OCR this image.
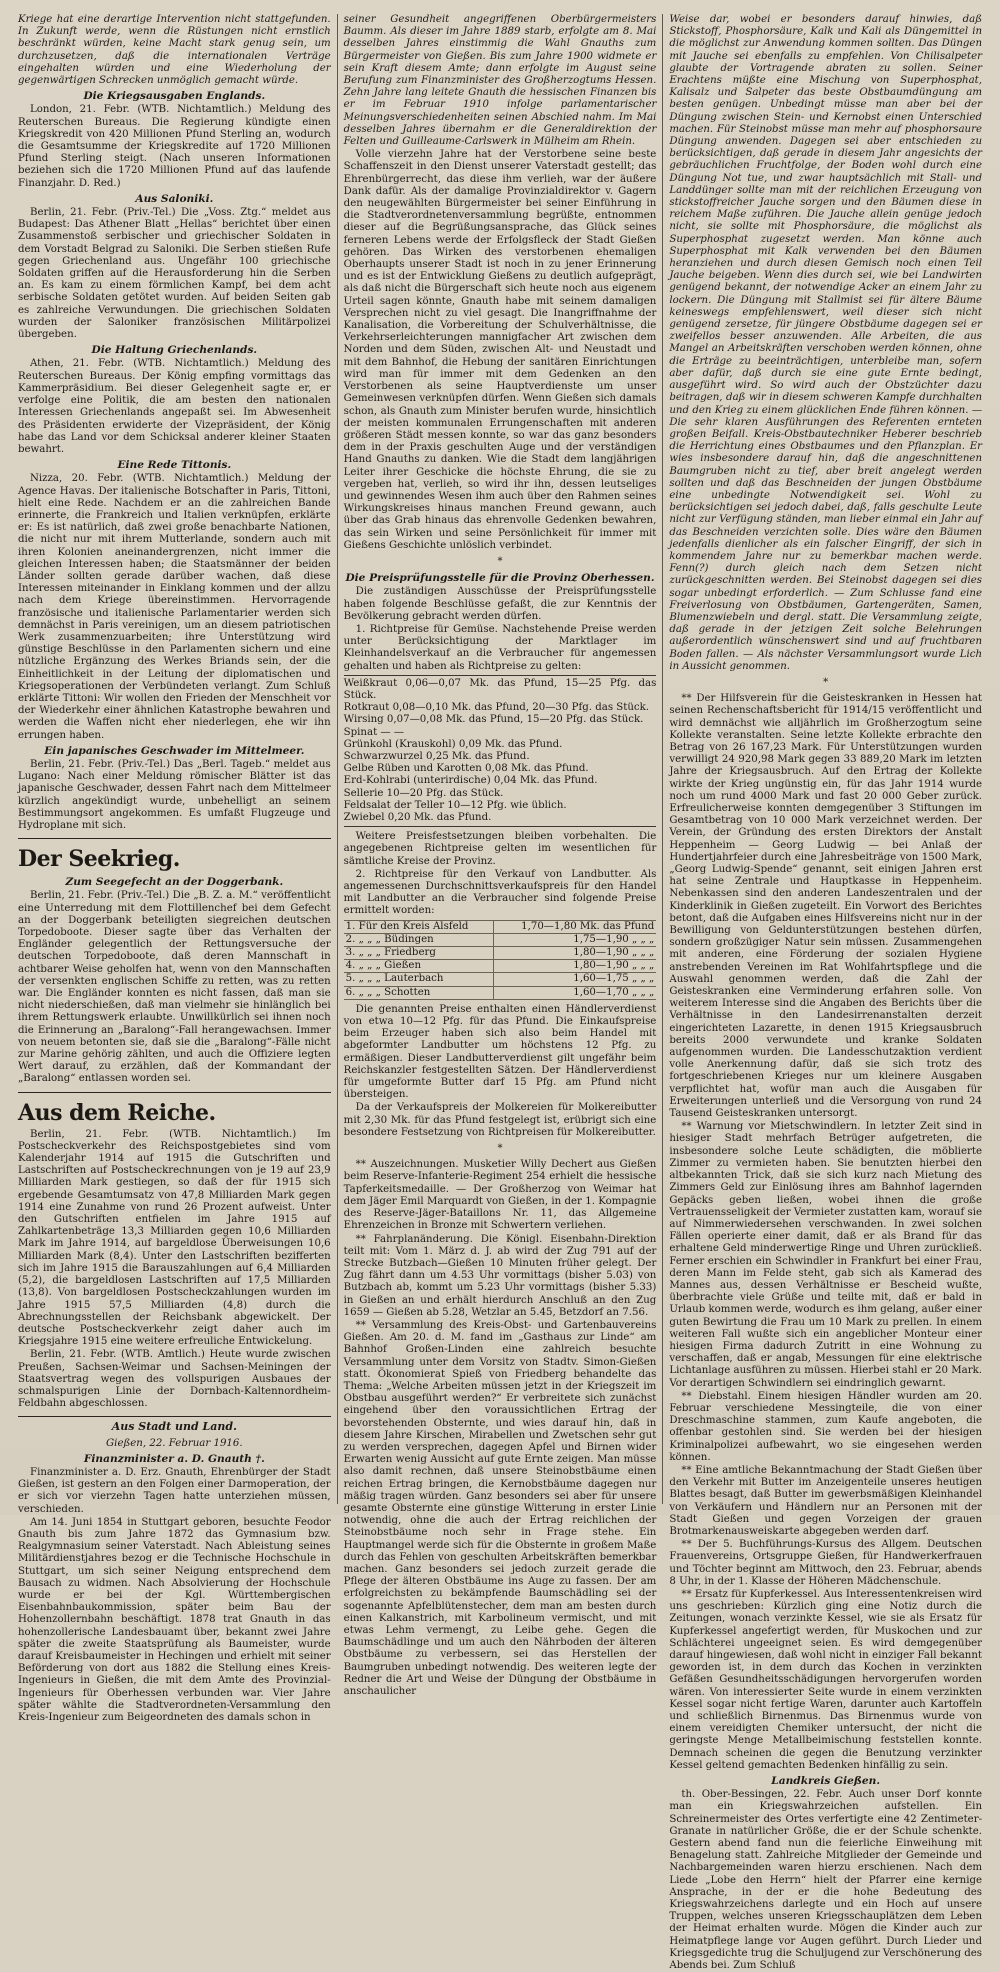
Kriege hat eine derartige Intervention nicht stattgefunden. In Zukunft werde, wenn die Rüstungen nicht ernstlich beschränkt würden, keine Macht stark genug sein, um durchzusetzen, daß die internationalen Verträge eingehalten würden und eine Wiederholung der gegenwärtigen Schrecken unmöglich gemacht würde.

Die Kriegsausgaben Englands.

London, 21. Febr. (WTB. Nichtamtlich.) Meldung des Reuterschen Bureaus. Die Regierung kündigte einen Kriegskredit von 420 Millionen Pfund Sterling an, wodurch die Gesamtsumme der Kriegskredite auf 1720 Millionen Pfund Sterling steigt. (Nach unseren Informationen beziehen sich die 1720 Millionen Pfund auf das laufende Finanzjahr. D. Red.)

Aus Saloniki.

Berlin, 21. Febr. (Priv.-Tel.) Die „Voss. Ztg.“ meldet aus Budapest: Das Athener Blatt „Hellas“ berichtet über einen Zusammenstoß serbischer und griechischer Soldaten in dem Vorstadt Belgrad zu Saloniki. Die Serben stießen Rufe gegen Griechenland aus. Ungefähr 100 griechische Soldaten griffen auf die Herausforderung hin die Serben an. Es kam zu einem förmlichen Kampf, bei dem acht serbische Soldaten getötet wurden. Auf beiden Seiten gab es zahlreiche Verwundungen. Die griechischen Soldaten wurden der Saloniker französischen Militärpolizei übergeben.

Die Haltung Griechenlands.

Athen, 21. Febr. (WTB. Nichtamtlich.) Meldung des Reuterschen Bureaus. Der König empfing vormittags das Kammerpräsidium. Bei dieser Gelegenheit sagte er, er verfolge eine Politik, die am besten den nationalen Interessen Griechenlands angepaßt sei. Im Abwesenheit des Präsidenten erwiderte der Vizepräsident, der König habe das Land vor dem Schicksal anderer kleiner Staaten bewahrt.

Eine Rede Tittonis.

Nizza, 20. Febr. (WTB. Nichtamtlich.) Meldung der Agence Havas. Der italienische Botschafter in Paris, Tittoni, hielt eine Rede. Nachdem er an die zahlreichen Bande erinnerte, die Frankreich und Italien verknüpfen, erklärte er: Es ist natürlich, daß zwei große benachbarte Nationen, die nicht nur mit ihrem Mutterlande, sondern auch mit ihren Kolonien aneinandergrenzen, nicht immer die gleichen Interessen haben; die Staatsmänner der beiden Länder sollten gerade darüber wachen, daß diese Interessen miteinander in Einklang kommen und der allzu nach dem Kriege übereinstimmen. Hervorragende französische und italienische Parlamentarier werden sich demnächst in Paris vereinigen, um an diesem patriotischen Werk zusammenzuarbeiten; ihre Unterstützung wird günstige Beschlüsse in den Parlamenten sichern und eine nützliche Ergänzung des Werkes Briands sein, der die Einheitlichkeit in der Leitung der diplomatischen und Kriegsoperationen der Verbündeten verlangt. Zum Schluß erklärte Tittoni: Wir wollen den Frieden der Menschheit vor der Wiederkehr einer ähnlichen Katastrophe bewahren und werden die Waffen nicht eher niederlegen, ehe wir ihn errungen haben.

Ein japanisches Geschwader im Mittelmeer.

Berlin, 21. Febr. (Priv.-Tel.) Das „Berl. Tageb.“ meldet aus Lugano: Nach einer Meldung römischer Blätter ist das japanische Geschwader, dessen Fahrt nach dem Mittelmeer kürzlich angekündigt wurde, unbehelligt an seinem Bestimmungsort angekommen. Es umfaßt Flugzeuge und Hydroplane mit sich.

Der Seekrieg.
Zum Seegefecht an der Doggerbank.

Berlin, 21. Febr. (Priv.-Tel.) Die „B. Z. a. M.“ veröffentlicht eine Unterredung mit dem Flottillenchef bei dem Gefecht an der Doggerbank beteiligten siegreichen deutschen Torpedoboote. Dieser sagte über das Verhalten der Engländer gelegentlich der Rettungsversuche der deutschen Torpedoboote, daß deren Mannschaft in achtbarer Weise geholfen hat, wenn von den Mannschaften der versenkten englischen Schiffe zu retten, was zu retten war. Die Engländer konnten es nicht fassen, daß man sie nicht niederschießen, daß man vielmehr sie hinlänglich bei ihrem Rettungswerk erlaubte. Unwillkürlich sei ihnen noch die Erinnerung an „Baralong“-Fall herangewachsen. Immer von neuem betonten sie, daß sie die „Baralong“-Fälle nicht zur Marine gehörig zählten, und auch die Offiziere legten Wert darauf, zu erzählen, daß der Kommandant der „Baralong“ entlassen worden sei.

Aus dem Reiche.

Berlin, 21. Febr. (WTB. Nichtamtlich.) Im Postscheckverkehr des Reichspostgebietes sind vom Kalenderjahr 1914 auf 1915 die Gutschriften und Lastschriften auf Postscheckrechnungen von je 19 auf 23,9 Milliarden Mark gestiegen, so daß der für 1915 sich ergebende Gesamtumsatz von 47,8 Milliarden Mark gegen 1914 eine Zunahme von rund 26 Prozent aufweist. Unter den Gutschriften entfielen im Jahre 1915 auf Zahlkartenbeträge 13,3 Milliarden gegen 10,6 Milliarden Mark im Jahre 1914, auf bargeldlose Überweisungen 10,6 Milliarden Mark (8,4). Unter den Lastschriften bezifferten sich im Jahre 1915 die Barauszahlungen auf 6,4 Milliarden (5,2), die bargeldlosen Lastschriften auf 17,5 Milliarden (13,8). Von bargeldlosen Postscheckzahlungen wurden im Jahre 1915 57,5 Milliarden (4,8) durch die Abrechnungsstellen der Reichsbank abgewickelt. Der deutsche Postscheckverkehr zeigt daher auch im Kriegsjahre 1915 eine weitere erfreuliche Entwickelung.

Berlin, 21. Febr. (WTB. Amtlich.) Heute wurde zwischen Preußen, Sachsen-Weimar und Sachsen-Meiningen der Staatsvertrag wegen des vollspurigen Ausbaues der schmalspurigen Linie der Dornbach-Kaltennordheim-Feldbahn abgeschlossen.

Aus Stadt und Land.
Gießen, 22. Februar 1916.
Finanzminister a. D. Gnauth †.

Finanzminister a. D. Erz. Gnauth, Ehrenbürger der Stadt Gießen, ist gestern an den Folgen einer Darmoperation, der er sich vor vierzehn Tagen hatte unterziehen müssen, verschieden.

Am 14. Juni 1854 in Stuttgart geboren, besuchte Feodor Gnauth bis zum Jahre 1872 das Gymnasium bzw. Realgymnasium seiner Vaterstadt. Nach Ableistung seines Militärdienstjahres bezog er die Technische Hochschule in Stuttgart, um sich seiner Neigung entsprechend dem Bausach zu widmen. Nach Absolvierung der Hochschule wurde er bei der Kgl. Württembergischen Eisenbahnbaukommission, später beim Bau der Hohenzollernbahn beschäftigt. 1878 trat Gnauth in das hohenzollerische Landesbauamt über, bekannt zwei Jahre später die zweite Staatsprüfung als Baumeister, wurde darauf Kreisbaumeister in Hechingen und erhielt mit seiner Beförderung von dort aus 1882 die Stellung eines Kreis-Ingenieurs in Gießen, die mit dem Amte des Provinzial-Ingenieurs für Oberhessen verbunden war. Vier Jahre später wählte die Stadtverordneten-Versammlung den Kreis-Ingenieur zum Beigeordneten des damals schon in

seiner Gesundheit angegriffenen Oberbürgermeisters Baumm. Als dieser im Jahre 1889 starb, erfolgte am 8. Mai desselben Jahres einstimmig die Wahl Gnauths zum Bürgermeister von Gießen. Bis zum Jahre 1900 widmete er sein Kraft diesem Amte; dann erfolgte im August seine Berufung zum Finanzminister des Großherzogtums Hessen. Zehn Jahre lang leitete Gnauth die hessischen Finanzen bis er im Februar 1910 infolge parlamentarischer Meinungsverschiedenheiten seinen Abschied nahm. Im Mai desselben Jahres übernahm er die Generaldirektion der Felten und Guilleaume-Carlswerk in Mülheim am Rhein.

Volle vierzehn Jahre hat der Verstorbene seine beste Schaffenszeit in den Dienst unserer Vaterstadt gestellt; das Ehrenbürgerrecht, das diese ihm verlieh, war der äußere Dank dafür. Als der damalige Provinzialdirektor v. Gagern den neugewählten Bürgermeister bei seiner Einführung in die Stadtverordnetenversammlung begrüßte, entnommen dieser auf die Begrüßungsansprache, das Glück seines ferneren Lebens werde der Erfolgsfleck der Stadt Gießen gehören. Das Wirken des verstorbenen ehemaligen Oberhaupts unserer Stadt ist noch in zu jener Erinnerung und es ist der Entwicklung Gießens zu deutlich aufgeprägt, als daß nicht die Bürgerschaft sich heute noch aus eigenem Urteil sagen könnte, Gnauth habe mit seinem damaligen Versprechen nicht zu viel gesagt. Die Inangriffnahme der Kanalisation, die Vorbereitung der Schulverhältnisse, die Verkehrserleichterungen mannigfacher Art zwischen dem Norden und dem Süden, zwischen Alt- und Neustadt und mit dem Bahnhof, die Hebung der sanitären Einrichtungen wird man für immer mit dem Gedenken an den Verstorbenen als seine Hauptverdienste um unser Gemeinwesen verknüpfen dürfen. Wenn Gießen sich damals schon, als Gnauth zum Minister berufen wurde, hinsichtlich der meisten kommunalen Errungenschaften mit anderen größeren Städt messen konnte, so war das ganz besonders dem in der Praxis geschulten Auge und der verständigen Hand Gnauths zu danken. Wie die Stadt dem langjährigen Leiter ihrer Geschicke die höchste Ehrung, die sie zu vergeben hat, verlieh, so wird ihr ihn, dessen leutseliges und gewinnendes Wesen ihm auch über den Rahmen seines Wirkungskreises hinaus manchen Freund gewann, auch über das Grab hinaus das ehrenvolle Gedenken bewahren, das sein Wirken und seine Persönlichkeit für immer mit Gießens Geschichte unlöslich verbindet.

*
Die Preisprüfungsstelle für die Provinz Oberhessen.

Die zuständigen Ausschüsse der Preisprüfungsstelle haben folgende Beschlüsse gefaßt, die zur Kenntnis der Bevölkerung gebracht werden dürfen.

1. Richtpreise für Gemüse. Nachstehende Preise werden unter Berücksichtigung der Marktlager im Kleinhandelsverkauf an die Verbraucher für angemessen gehalten und haben als Richtpreise zu gelten:

Weißkraut 0,06—0,07 Mk. das Pfund, 15—25 Pfg. das Stück.
Rotkraut 0,08—0,10 Mk. das Pfund, 20—30 Pfg. das Stück.
Wirsing 0,07—0,08 Mk. das Pfund, 15—20 Pfg. das Stück.
Spinat — —
Grünkohl (Krauskohl) 0,09 Mk. das Pfund.
Schwarzwurzel 0,25 Mk. das Pfund.
Gelbe Rüben und Karotten 0,08 Mk. das Pfund.
Erd-Kohlrabi (unterirdische) 0,04 Mk. das Pfund.
Sellerie 10—20 Pfg. das Stück.
Feldsalat der Teller 10—12 Pfg. wie üblich.
Zwiebel 0,20 Mk. das Pfund.

Weitere Preisfestsetzungen bleiben vorbehalten. Die angegebenen Richtpreise gelten im wesentlichen für sämtliche Kreise der Provinz.

2. Richtpreise für den Verkauf von Landbutter. Als angemessenen Durchschnittsverkaufspreis für den Handel mit Landbutter an die Verbraucher sind folgende Preise ermittelt worden:

1. Für den Kreis Alsfeld	1,70—1,80 Mk. das Pfund
2. „ „ „ Büdingen	1,75—1,90 „ „ „
3. „ „ „ Friedberg	1,80—1,90 „ „ „
4. „ „ „ Gießen	1,80—1,90 „ „ „
5. „ „ „ Lauterbach	1,60—1,75 „ „ „
6. „ „ „ Schotten	1,60—1,70 „ „ „

Die genannten Preise enthalten einen Händlerverdienst von etwa 10—12 Pfg. für das Pfund. Die Einkaufspreise beim Erzeuger haben sich also beim Handel mit abgeformter Landbutter um höchstens 12 Pfg. zu ermäßigen. Dieser Landbutterverdienst gilt ungefähr beim Reichskanzler festgestellten Sätzen. Der Händlerverdienst für umgeformte Butter darf 15 Pfg. am Pfund nicht übersteigen.

Da der Verkaufspreis der Molkereien für Molkereibutter mit 2,30 Mk. für das Pfund festgelegt ist, erübrigt sich eine besondere Festsetzung von Richtpreisen für Molkereibutter.

*

** Auszeichnungen. Musketier Willy Dechert aus Gießen beim Reserve-Infanterie-Regiment 254 erhielt die hessische Tapferkeitsmedaille. — Der Großherzog von Weimar hat dem Jäger Emil Marquardt von Gießen, in der 1. Kompagnie des Reserve-Jäger-Bataillons Nr. 11, das Allgemeine Ehrenzeichen in Bronze mit Schwertern verliehen.

** Fahrplanänderung. Die Königl. Eisenbahn-Direktion teilt mit: Vom 1. März d. J. ab wird der Zug 791 auf der Strecke Butzbach—Gießen 10 Minuten früher gelegt. Der Zug fährt dann um 4.53 Uhr vormittags (bisher 5.03) von Butzbach ab, kommt um 5.23 Uhr vormittags (bisher 5.33) in Gießen an und erhält hierdurch Anschluß an den Zug 1659 — Gießen ab 5.28, Wetzlar an 5.45, Betzdorf an 7.56.

** Versammlung des Kreis-Obst- und Gartenbauvereins Gießen. Am 20. d. M. fand im „Gasthaus zur Linde“ am Bahnhof Großen-Linden eine zahlreich besuchte Versammlung unter dem Vorsitz von Stadtv. Simon-Gießen statt. Ökonomierat Spieß von Friedberg behandelte das Thema: „Welche Arbeiten müssen jetzt in der Kriegszeit im Obstbau ausgeführt werden?“ Er verbreitete sich zunächst eingehend über den voraussichtlichen Ertrag der bevorstehenden Obsternte, und wies darauf hin, daß in diesem Jahre Kirschen, Mirabellen und Zwetschen sehr gut zu werden versprechen, dagegen Apfel und Birnen wider Erwarten wenig Aussicht auf gute Ernte zeigen. Man müsse also damit rechnen, daß unsere Steinobstbäume einen reichen Ertrag bringen, die Kernobstbäume dagegen nur mäßig tragen würden. Ganz besonders sei aber für unsere gesamte Obsternte eine günstige Witterung in erster Linie notwendig, ohne die auch der Ertrag reichlichen der Steinobstbäume noch sehr in Frage stehe. Ein Hauptmangel werde sich für die Obsternte in großem Maße durch das Fehlen von geschulten Arbeitskräften bemerkbar machen. Ganz besonders sei jedoch zurzeit gerade die Pflege der älteren Obstbäume ins Auge zu fassen. Der am erfolgreichsten zu bekämpfende Baumschädling sei der sogenannte Apfelblütenstecher, dem man am besten durch einen Kalkanstrich, mit Karbolineum vermischt, und mit etwas Lehm vermengt, zu Leibe gehe. Gegen die Baumschädlinge und um auch den Nährboden der älteren Obstbäume zu verbessern, sei das Herstellen der Baumgruben unbedingt notwendig. Des weiteren legte der Redner die Art und Weise der Düngung der Obstbäume in anschaulicher

Weise dar, wobei er besonders darauf hinwies, daß Stickstoff, Phosphorsäure, Kalk und Kali als Düngemittel in die möglichst zur Anwendung kommen sollten. Das Düngen mit Jauche sei ebenfalls zu empfehlen. Von Chilisalpeter glaubte der Vortragende abraten zu sollen. Seiner Erachtens müßte eine Mischung von Superphosphat, Kalisalz und Salpeter das beste Obstbaumdüngung am besten genügen. Unbedingt müsse man aber bei der Düngung zwischen Stein- und Kernobst einen Unterschied machen. Für Steinobst müsse man mehr auf phosphorsaure Düngung anwenden. Dagegen sei aber entschieden zu berücksichtigen, daß gerade in diesem Jahr angesichts der gebräuchlichen Fruchtfolge, der Boden wohl durch eine Düngung Not tue, und zwar hauptsächlich mit Stall- und Landdünger sollte man mit der reichlichen Erzeugung von stickstoffreicher Jauche sorgen und den Bäumen diese in reichem Maße zuführen. Die Jauche allein genüge jedoch nicht, sie sollte mit Phosphorsäure, die möglichst als Superphosphat zugesetzt werden. Man könne auch Superphosphat mit Kalk verwenden bei den Bäumen heranziehen und durch diesen Gemisch noch einen Teil Jauche beigeben. Wenn dies durch sei, wie bei Landwirten genügend bekannt, der notwendige Acker an einem Jahr zu lockern. Die Düngung mit Stallmist sei für ältere Bäume keineswegs empfehlenswert, weil dieser sich nicht genügend zersetze, für jüngere Obstbäume dagegen sei er zweifellos besser anzuwenden. Alle Arbeiten, die aus Mangel an Arbeitskräften verschoben werden können, ohne die Erträge zu beeinträchtigen, unterbleibe man, sofern aber dafür, daß durch sie eine gute Ernte bedingt, ausgeführt wird. So wird auch der Obstzüchter dazu beitragen, daß wir in diesem schweren Kampfe durchhalten und den Krieg zu einem glücklichen Ende führen können. — Die sehr klaren Ausführungen des Referenten ernteten großen Beifall. Kreis-Obstbautechniker Heberer beschrieb die Herrichtung eines Obstbaumes und den Pflanzplan. Er wies insbesondere darauf hin, daß die angeschnittenen Baumgruben nicht zu tief, aber breit angelegt werden sollten und daß das Beschneiden der jungen Obstbäume eine unbedingte Notwendigkeit sei. Wohl zu berücksichtigen sei jedoch dabei, daß, falls geschulte Leute nicht zur Verfügung ständen, man lieber einmal ein Jahr auf das Beschneiden verzichten solle. Dies wäre den Bäumen jedenfalls dienlicher als ein falscher Eingriff, der sich in kommendem Jahre nur zu bemerkbar machen werde. Fenn(?) durch gleich nach dem Setzen nicht zurückgeschnitten werden. Bei Steinobst dagegen sei dies sogar unbedingt erforderlich. — Zum Schlusse fand eine Freiverlosung von Obstbäumen, Gartengeräten, Samen, Blumenzwiebeln und dergl. statt. Die Versammlung zeigte, daß gerade in der jetzigen Zeit solche Belehrungen außerordentlich wünschenswert sind und auf fruchtbaren Boden fallen. — Als nächster Versammlungsort wurde Lich in Aussicht genommen.

*

** Der Hilfsverein für die Geisteskranken in Hessen hat seinen Rechenschaftsbericht für 1914/15 veröffentlicht und wird demnächst wie alljährlich im Großherzogtum seine Kollekte veranstalten. Seine letzte Kollekte erbrachte den Betrag von 26 167,23 Mark. Für Unterstützungen wurden verwilligt 24 920,98 Mark gegen 33 889,20 Mark im letzten Jahre der Kriegsausbruch. Auf den Ertrag der Kollekte wirkte der Krieg ungünstig ein, für das Jahr 1914 wurde noch um rund 4000 Mark und fast 20 000 Geber zurück. Erfreulicherweise konnten demgegenüber 3 Stiftungen im Gesamtbetrag von 10 000 Mark verzeichnet werden. Der Verein, der Gründung des ersten Direktors der Anstalt Heppenheim — Georg Ludwig — bei Anlaß der Hundertjahrfeier durch eine Jahresbeiträge von 1500 Mark, „Georg Ludwig-Spende“ genannt, seit einigen Jahren erst hat seine Zentrale und Hauptkasse in Heppenheim. Nebenkassen sind den anderen Landeszentralen und der Kinderklinik in Gießen zugeteilt. Ein Vorwort des Berichtes betont, daß die Aufgaben eines Hilfsvereins nicht nur in der Bewilligung von Geldunterstützungen bestehen dürfen, sondern großzügiger Natur sein müssen. Zusammengehen mit anderen, eine Förderung der sozialen Hygiene anstrebenden Vereinen im Rat Wohlfahrtspflege und die Auswahl genommen werden, daß die Zahl der Geisteskranken eine Verminderung erfahren solle. Von weiterem Interesse sind die Angaben des Berichts über die Verhältnisse in den Landesirrenanstalten derzeit eingerichteten Lazarette, in denen 1915 Kriegsausbruch bereits 2000 verwundete und kranke Soldaten aufgenommen wurden. Die Landesschutzaktion verdient volle Anerkennung dafür, daß sie sich trotz des fortgeschriebenen Krieges nur um kleinere Ausgaben verpflichtet hat, wofür man auch die Ausgaben für Erweiterungen unterließ und die Versorgung von rund 24 Tausend Geisteskranken untersorgt.

** Warnung vor Mietschwindlern. In letzter Zeit sind in hiesiger Stadt mehrfach Betrüger aufgetreten, die insbesondere solche Leute schädigten, die möblierte Zimmer zu vermieten haben. Sie benutzten hierbei den altbekannten Trick, daß sie sich kurz nach Mietung des Zimmers Geld zur Einlösung ihres am Bahnhof lagernden Gepäcks geben ließen, wobei ihnen die große Vertrauensseligkeit der Vermieter zustatten kam, worauf sie auf Nimmerwiedersehen verschwanden. In zwei solchen Fällen operierte einer damit, daß er als Brand für das erhaltene Geld minderwertige Ringe und Uhren zurückließ. Ferner erschien ein Schwindler in Frankfurt bei einer Frau, deren Mann im Felde steht, gab sich als Kamerad des Mannes aus, dessen Verhältnisse er Bescheid wußte, überbrachte viele Grüße und teilte mit, daß er bald in Urlaub kommen werde, wodurch es ihm gelang, außer einer guten Bewirtung die Frau um 10 Mark zu prellen. In einem weiteren Fall wußte sich ein angeblicher Monteur einer hiesigen Firma dadurch Zutritt in eine Wohnung zu verschaffen, daß er angab, Messungen für eine elektrische Lichtanlage ausführen zu müssen. Hierbei stahl er 20 Mark. Vor derartigen Schwindlern sei eindringlich gewarnt.

** Diebstahl. Einem hiesigen Händler wurden am 20. Februar verschiedene Messingteile, die von einer Dreschmaschine stammen, zum Kaufe angeboten, die offenbar gestohlen sind. Sie werden bei der hiesigen Kriminalpolizei aufbewahrt, wo sie eingesehen werden können.

** Eine amtliche Bekanntmachung der Stadt Gießen über den Verkehr mit Butter im Anzeigenteile unseres heutigen Blattes besagt, daß Butter im gewerbsmäßigen Kleinhandel von Verkäufern und Händlern nur an Personen mit der Stadt Gießen und gegen Vorzeigen der grauen Brotmarkenausweiskarte abgegeben werden darf.

** Der 5. Buchführungs-Kursus des Allgem. Deutschen Frauenvereins, Ortsgruppe Gießen, für Handwerkerfrauen und Töchter beginnt am Mittwoch, den 23. Februar, abends 8 Uhr, in der 1. Klasse der Höheren Mädchenschule.

** Ersatz für Kupferkessel. Aus Interessentenkreisen wird uns geschrieben: Kürzlich ging eine Notiz durch die Zeitungen, wonach verzinkte Kessel, wie sie als Ersatz für Kupferkessel angefertigt werden, für Muskochen und zur Schlächterei ungeeignet seien. Es wird demgegenüber darauf hingewiesen, daß wohl nicht in einziger Fall bekannt geworden ist, in dem durch das Kochen in verzinkten Gefäßen Gesundheitsschädigungen hervorgerufen worden wären. Von interessierter Seite wurde in einem verzinkten Kessel sogar nicht fertige Waren, darunter auch Kartoffeln und schließlich Birnenmus. Das Birnenmus wurde von einem vereidigten Chemiker untersucht, der nicht die geringste Menge Metallbeimischung feststellen konnte. Demnach scheinen die gegen die Benutzung verzinkter Kessel geltend gemachten Bedenken hinfällig zu sein.

Landkreis Gießen.

th. Ober-Bessingen, 22. Febr. Auch unser Dorf konnte man ein Kriegswahrzeichen aufstellen. Ein Schreinermeister des Ortes verfertigte eine 42 Zentimeter-Granate in natürlicher Größe, die er der Schule schenkte. Gestern abend fand nun die feierliche Einweihung mit Benagelung statt. Zahlreiche Mitglieder der Gemeinde und Nachbargemeinden waren hierzu erschienen. Nach dem Liede „Lobe den Herrn“ hielt der Pfarrer eine kernige Ansprache, in der er die hohe Bedeutung des Kriegswahrzeichens darlegte und ein Hoch auf unsere Truppen, welches unseren Kriegsschauplätzen dem Leben der Heimat erhalten wurde. Mögen die Kinder auch zur Heimatpflege lange vor Augen geführt. Durch Lieder und Kriegsgedichte trug die Schuljugend zur Verschönerung des Abends bei. Zum Schluß
